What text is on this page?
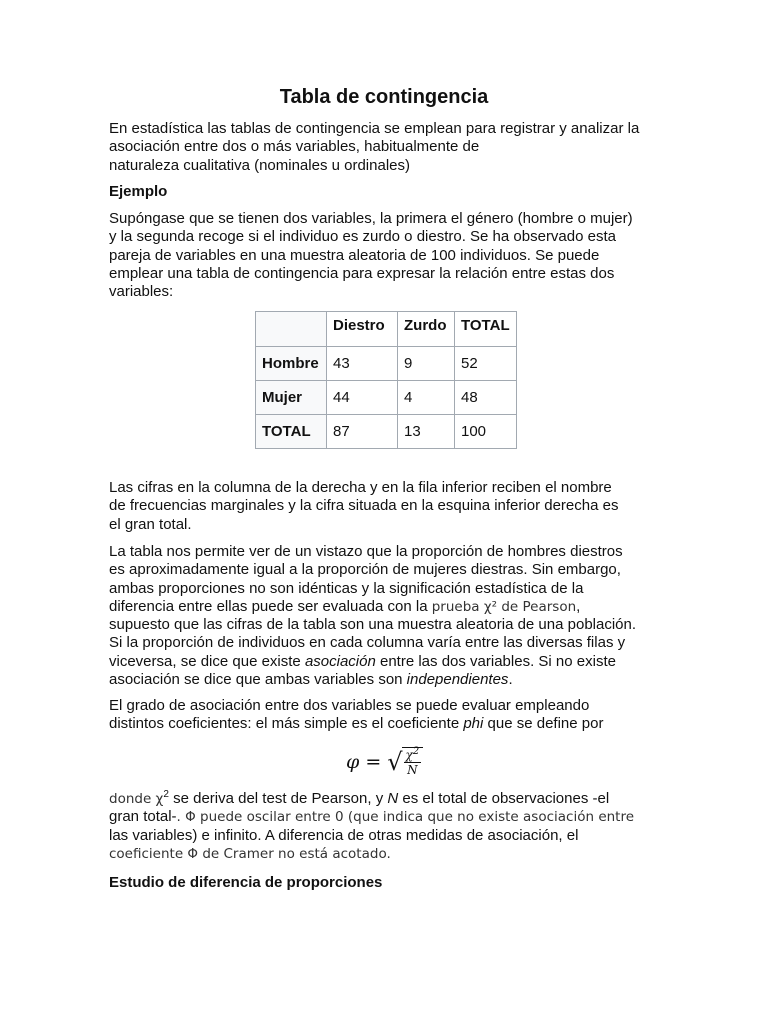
Tabla de contingencia

En estadística las tablas de contingencia se emplean para registrar y analizar la
asociación entre dos o más variables, habitualmente de
naturaleza cualitativa (nominales u ordinales)

Ejemplo

Supóngase que se tienen dos variables, la primera el género (hombre o mujer)
y la segunda recoge si el individuo es zurdo o diestro. Se ha observado esta
pareja de variables en una muestra aleatoria de 100 individuos. Se puede
emplear una tabla de contingencia para expresar la relación entre estas dos
variables:

	Diestro	Zurdo	TOTAL
Hombre	43	9	52
Mujer	44	4	48
TOTAL	87	13	100

Las cifras en la columna de la derecha y en la fila inferior reciben el nombre
de frecuencias marginales y la cifra situada en la esquina inferior derecha es
el gran total.

La tabla nos permite ver de un vistazo que la proporción de hombres diestros
es aproximadamente igual a la proporción de mujeres diestras. Sin embargo,
ambas proporciones no son idénticas y la significación estadística de la
diferencia entre ellas puede ser evaluada con la prueba χ² de Pearson,
supuesto que las cifras de la tabla son una muestra aleatoria de una población.
Si la proporción de individuos en cada columna varía entre las diversas filas y
viceversa, se dice que existe asociación entre las dos variables. Si no existe
asociación se dice que ambas variables son independientes.

El grado de asociación entre dos variables se puede evaluar empleando
distintos coeficientes: el más simple es el coeficiente phi que se define por

φ = √ $\frac{\chi^2}{N}$

donde $\chi^2$ se deriva del test de Pearson, y N es el total de observaciones -el
gran total-. Φ puede oscilar entre 0 (que indica que no existe asociación entre
las variables) e infinito. A diferencia de otras medidas de asociación, el
coeficiente Φ de Cramer no está acotado.

Estudio de diferencia de proporciones
